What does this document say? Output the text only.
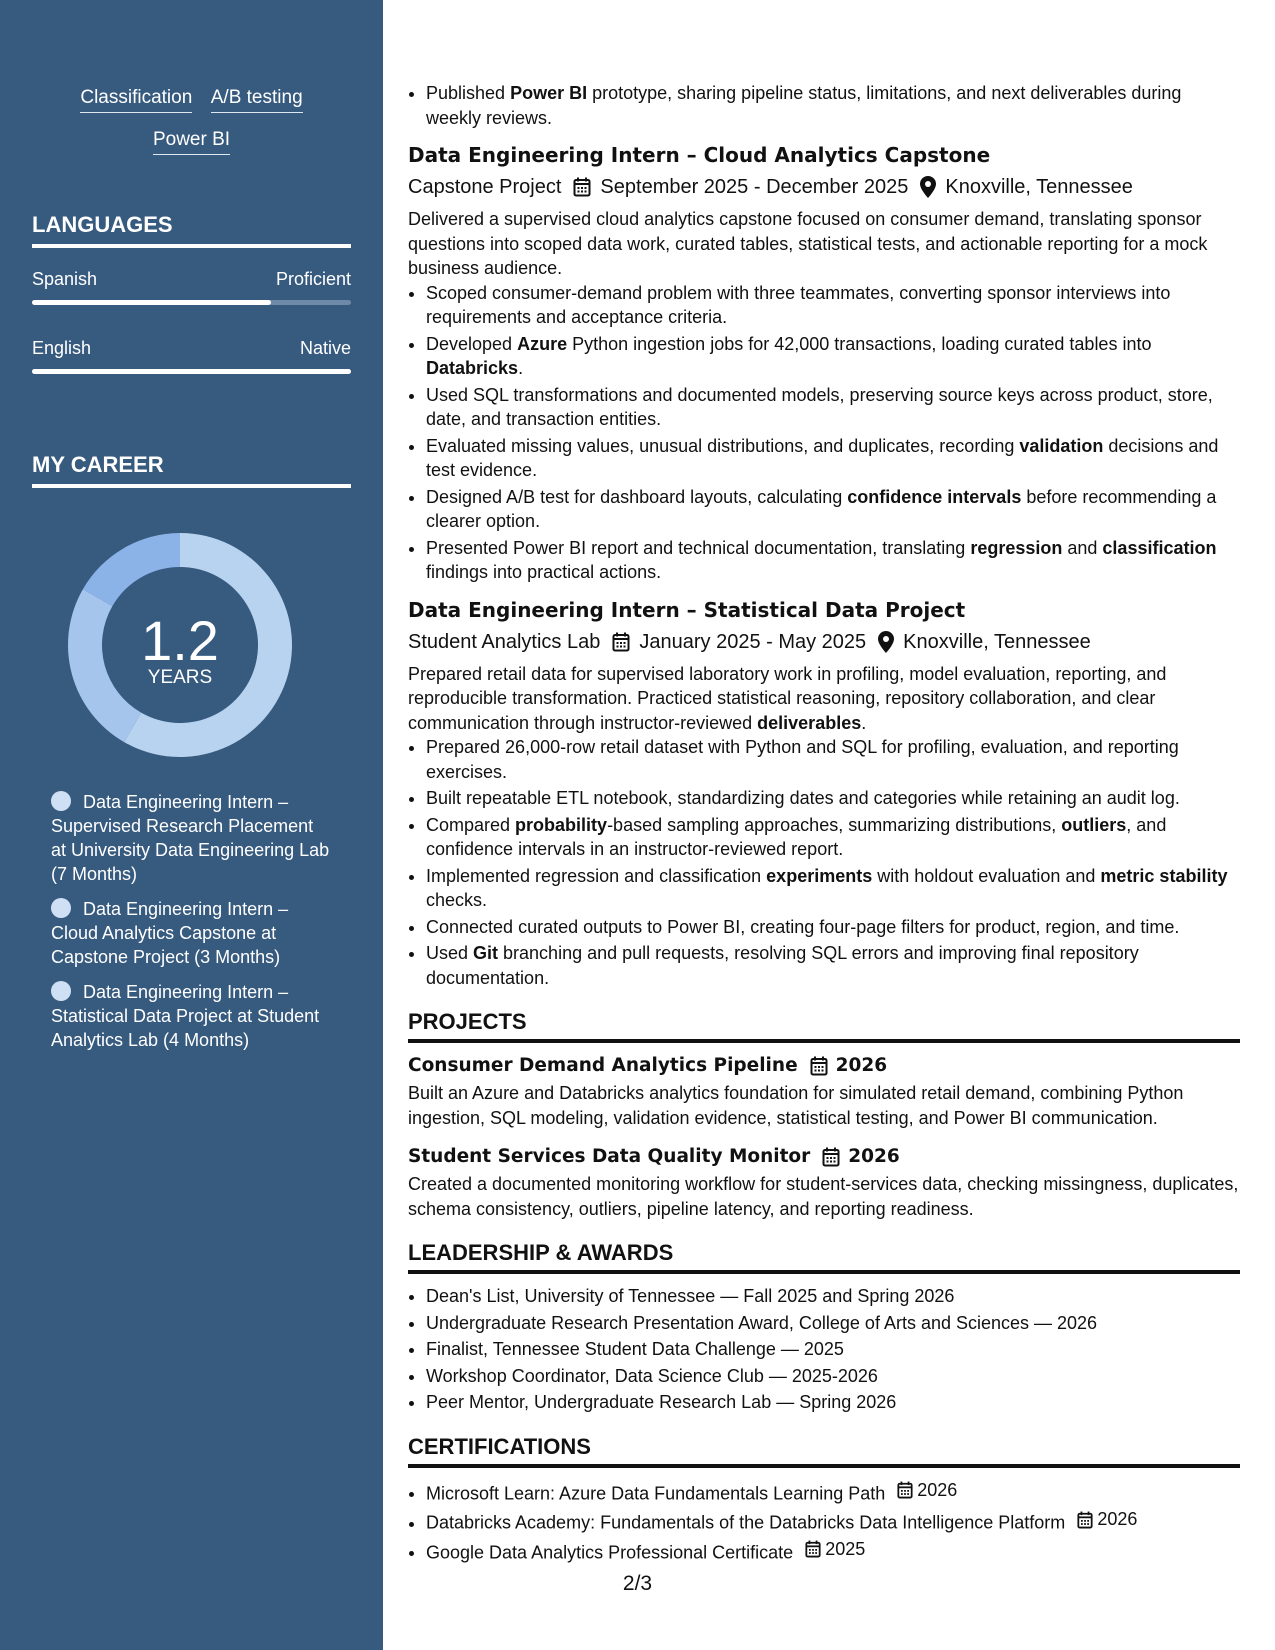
Classification A/B testing
Power BI
LANGUAGES
Spanish	Proficient
English	Native
MY CAREER
1.2
YEARS
Data Engineering Intern – Supervised Research Placement at University Data Engineering Lab (7 Months)
Data Engineering Intern – Cloud Analytics Capstone at Capstone Project (3 Months)
Data Engineering Intern – Statistical Data Project at Student Analytics Lab (4 Months)
• Published Power BI prototype, sharing pipeline status, limitations, and next deliverables during weekly reviews.
Data Engineering Intern – Cloud Analytics Capstone
Capstone Project September 2025 - December 2025 Knoxville, Tennessee
Delivered a supervised cloud analytics capstone focused on consumer demand, translating sponsor questions into scoped data work, curated tables, statistical tests, and actionable reporting for a mock business audience.
• Scoped consumer-demand problem with three teammates, converting sponsor interviews into requirements and acceptance criteria.
• Developed Azure Python ingestion jobs for 42,000 transactions, loading curated tables into Databricks.
• Used SQL transformations and documented models, preserving source keys across product, store, date, and transaction entities.
• Evaluated missing values, unusual distributions, and duplicates, recording validation decisions and test evidence.
• Designed A/B test for dashboard layouts, calculating confidence intervals before recommending a clearer option.
• Presented Power BI report and technical documentation, translating regression and classification findings into practical actions.
Data Engineering Intern – Statistical Data Project
Student Analytics Lab January 2025 - May 2025 Knoxville, Tennessee
Prepared retail data for supervised laboratory work in profiling, model evaluation, reporting, and reproducible transformation. Practiced statistical reasoning, repository collaboration, and clear communication through instructor-reviewed deliverables.
• Prepared 26,000-row retail dataset with Python and SQL for profiling, evaluation, and reporting exercises.
• Built repeatable ETL notebook, standardizing dates and categories while retaining an audit log.
• Compared probability-based sampling approaches, summarizing distributions, outliers, and confidence intervals in an instructor-reviewed report.
• Implemented regression and classification experiments with holdout evaluation and metric stability checks.
• Connected curated outputs to Power BI, creating four-page filters for product, region, and time.
• Used Git branching and pull requests, resolving SQL errors and improving final repository documentation.
PROJECTS
Consumer Demand Analytics Pipeline 2026
Built an Azure and Databricks analytics foundation for simulated retail demand, combining Python ingestion, SQL modeling, validation evidence, statistical testing, and Power BI communication.
Student Services Data Quality Monitor 2026
Created a documented monitoring workflow for student-services data, checking missingness, duplicates, schema consistency, outliers, pipeline latency, and reporting readiness.
LEADERSHIP & AWARDS
• Dean's List, University of Tennessee — Fall 2025 and Spring 2026
• Undergraduate Research Presentation Award, College of Arts and Sciences — 2026
• Finalist, Tennessee Student Data Challenge — 2025
• Workshop Coordinator, Data Science Club — 2025-2026
• Peer Mentor, Undergraduate Research Lab — Spring 2026
CERTIFICATIONS
• Microsoft Learn: Azure Data Fundamentals Learning Path 2026
• Databricks Academy: Fundamentals of the Databricks Data Intelligence Platform 2026
• Google Data Analytics Professional Certificate 2025
2/3
